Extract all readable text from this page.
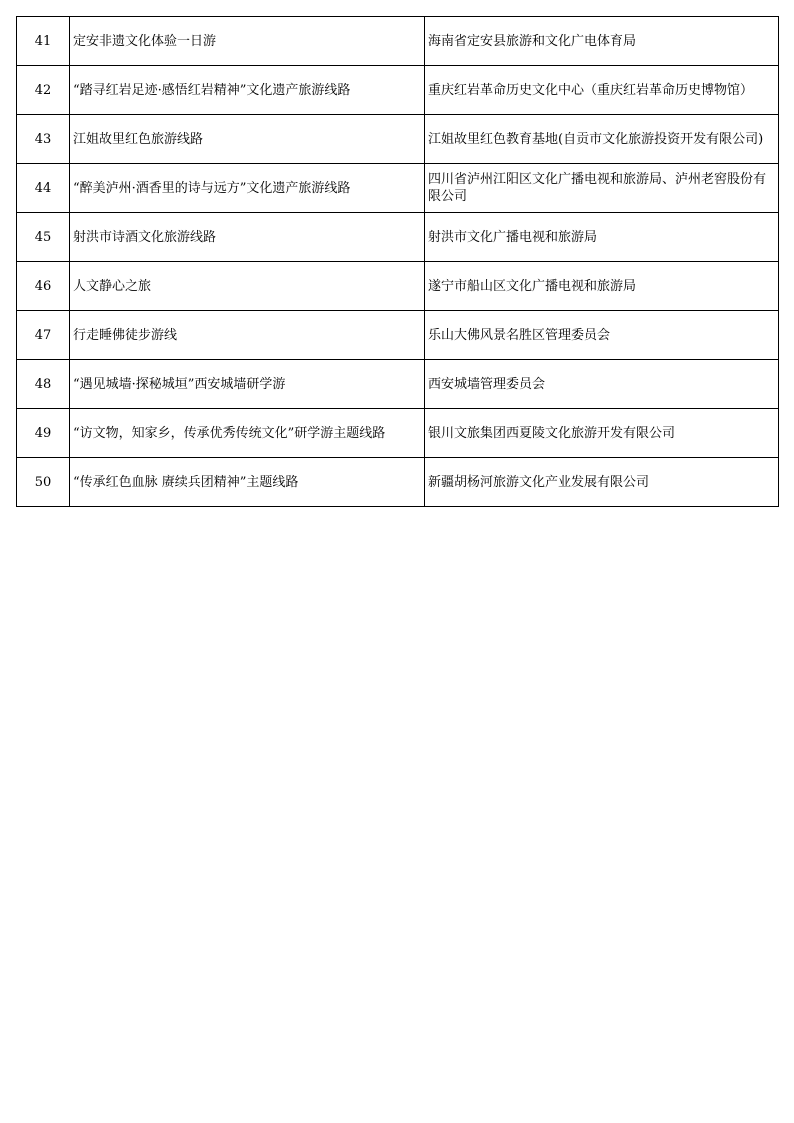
41	定安非遗文化体验一日游	海南省定安县旅游和文化广电体育局
42	“踏寻红岩足迹·感悟红岩精神”文化遗产旅游线路	重庆红岩革命历史文化中心（重庆红岩革命历史博物馆）
43	江姐故里红色旅游线路	江姐故里红色教育基地(自贡市文化旅游投资开发有限公司)
44	“醉美泸州·酒香里的诗与远方”文化遗产旅游线路	四川省泸州江阳区文化广播电视和旅游局、泸州老窖股份有限公司
45	射洪市诗酒文化旅游线路	射洪市文化广播电视和旅游局
46	人文静心之旅	遂宁市船山区文化广播电视和旅游局
47	行走睡佛徒步游线	乐山大佛风景名胜区管理委员会
48	“遇见城墙·探秘城垣”西安城墙研学游	西安城墙管理委员会
49	“访文物，知家乡，传承优秀传统文化”研学游主题线路	银川文旅集团西夏陵文化旅游开发有限公司
50	“传承红色血脉 赓续兵团精神”主题线路	新疆胡杨河旅游文化产业发展有限公司
